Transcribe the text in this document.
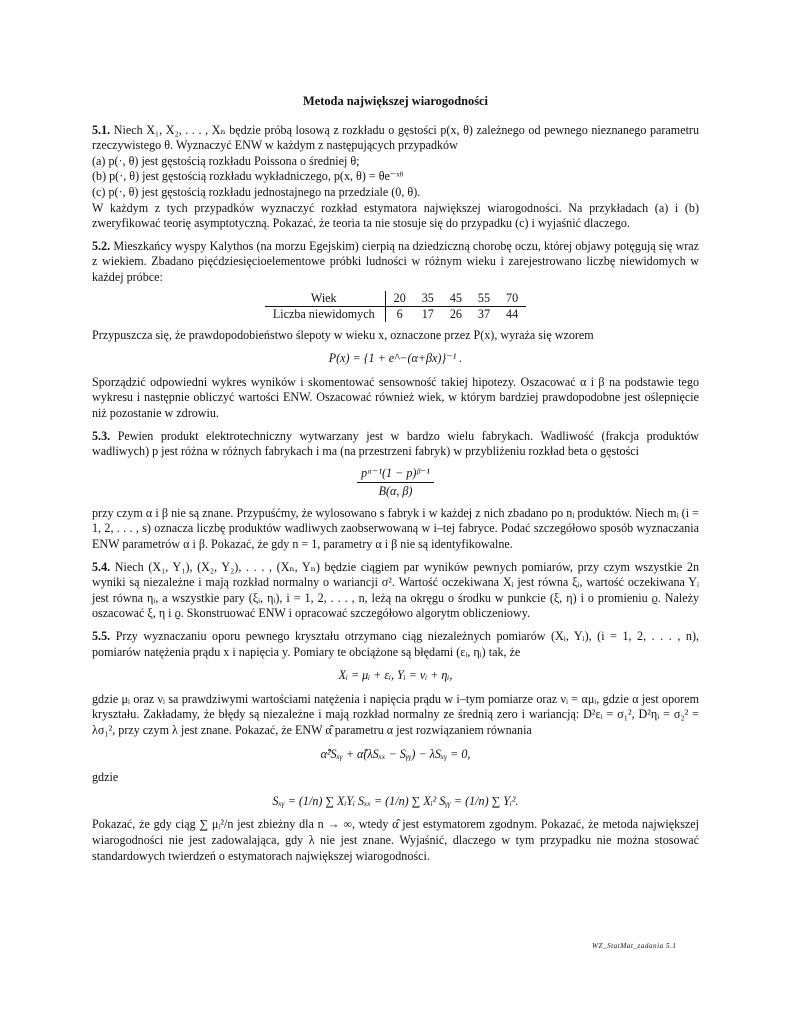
Metoda największej wiarogodności

5.1. Niech X₁, X₂, . . . , Xₙ będzie próbą losową z rozkładu o gęstości p(x, θ) zależnego od pewnego nieznanego parametru rzeczywistego θ. Wyznaczyć ENW w każdym z następujących przypadków

(a) p(·, θ) jest gęstością rozkładu Poissona o średniej θ;

(b) p(·, θ) jest gęstością rozkładu wykładniczego, p(x, θ) = θe⁻ˣᶿ

(c) p(·, θ) jest gęstością rozkładu jednostajnego na przedziale (0, θ).

W każdym z tych przypadków wyznaczyć rozkład estymatora największej wiarogodności. Na przykładach (a) i (b) zweryfikować teorię asymptotyczną. Pokazać, że teoria ta nie stosuje się do przypadku (c) i wyjaśnić dlaczego.

5.2. Mieszkańcy wyspy Kalythos (na morzu Egejskim) cierpią na dziedziczną chorobę oczu, której objawy potęgują się wraz z wiekiem. Zbadano pięćdziesięcioelementowe próbki ludności w różnym wieku i zarejestrowano liczbę niewidomych w każdej próbce:

Wiek	20	35	45	55	70
Liczba niewidomych	6	17	26	37	44

Przypuszcza się, że prawdopodobieństwo ślepoty w wieku x, oznaczone przez P(x), wyraża się wzorem

P(x) = {1 + e^−(α+βx)}⁻¹ .

Sporządzić odpowiedni wykres wyników i skomentować sensowność takiej hipotezy. Oszacować α i β na podstawie tego wykresu i następnie obliczyć wartości ENW. Oszacować również wiek, w którym bardziej prawdopodobne jest oślepnięcie niż pozostanie w zdrowiu.

5.3. Pewien produkt elektrotechniczny wytwarzany jest w bardzo wielu fabrykach. Wadliwość (frakcja produktów wadliwych) p jest różna w różnych fabrykach i ma (na przestrzeni fabryk) w przybliżeniu rozkład beta o gęstości

$\frac{\text{pᵅ⁻¹(1 − p)ᵝ⁻¹}}{B(\alpha, \beta)}$

przy czym α i β nie są znane. Przypuśćmy, że wylosowano s fabryk i w każdej z nich zbadano po nᵢ produktów. Niech mᵢ (i = 1, 2, . . . , s) oznacza liczbę produktów wadliwych zaobserwowaną w i–tej fabryce. Podać szczegółowo sposób wyznaczania ENW parametrów α i β. Pokazać, że gdy n = 1, parametry α i β nie są identyfikowalne.

5.4. Niech (X₁, Y₁), (X₂, Y₂), . . . , (Xₙ, Yₙ) będzie ciągiem par wyników pewnych pomiarów, przy czym wszystkie 2n wyniki są niezależne i mają rozkład normalny o wariancji σ². Wartość oczekiwana Xᵢ jest równa ξᵢ, wartość oczekiwana Yᵢ jest równa ηᵢ, a wszystkie pary (ξᵢ, ηᵢ), i = 1, 2, . . . , n, leżą na okręgu o środku w punkcie (ξ, η) i o promieniu ϱ. Należy oszacować ξ, η i ϱ. Skonstruować ENW i opracować szczegółowo algorytm obliczeniowy.

5.5. Przy wyznaczaniu oporu pewnego kryształu otrzymano ciąg niezależnych pomiarów (Xᵢ, Yᵢ), (i = 1, 2, . . . , n), pomiarów natężenia prądu x i napięcia y. Pomiary te obciążone są błędami (εᵢ, ηᵢ) tak, że

Xᵢ = μᵢ + εᵢ, Yᵢ = νᵢ + ηᵢ,

gdzie μᵢ oraz νᵢ sa prawdziwymi wartościami natężenia i napięcia prądu w i–tym pomiarze oraz νᵢ = αμᵢ, gdzie α jest oporem kryształu. Zakładamy, że błędy są niezależne i mają rozkład normalny ze średnią zero i wariancją: D²εᵢ = σ₁², D²ηᵢ = σ₂² = λσ₁², przy czym λ jest znane. Pokazać, że ENW α̂ parametru α jest rozwiązaniem równania

α̂²Sₓᵧ + α̂(λSₓₓ − Sᵧᵧ) − λSₓᵧ = 0,

gdzie

Sₓᵧ = (1/n) ∑ XᵢYᵢ Sₓₓ = (1/n) ∑ Xᵢ² Sᵧᵧ = (1/n) ∑ Yᵢ².

Pokazać, że gdy ciąg ∑ μᵢ²/n jest zbieżny dla n → ∞, wtedy α̂ jest estymatorem zgodnym. Pokazać, że metoda największej wiarogodności nie jest zadowalająca, gdy λ nie jest znane. Wyjaśnić, dlaczego w tym przypadku nie można stosować standardowych twierdzeń o estymatorach największej wiarogodności.

WZ_StatMat_zadania 5.1
